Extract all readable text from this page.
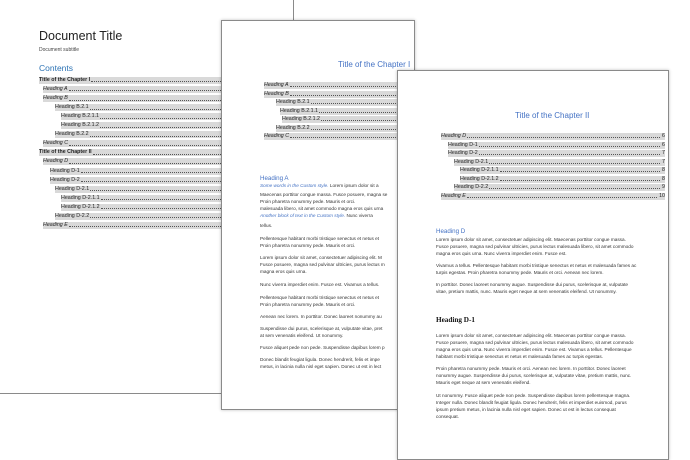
Document Title
Document subtitle
Contents
Title of the Chapter I
Heading A
Heading B
Heading B.2.1
Heading B.2.1.1
Heading B.2.1.2
Heading B.2.2
Heading C
Title of the Chapter II
Heading D
Heading D-1
Heading D-2
Heading D-2.1
Heading D-2.1.1
Heading D-2.1.2
Heading D-2.2
Heading E
Title of the Chapter I
Heading A
Heading B
Heading B.2.1
Heading B.2.1.1
Heading B.2.1.2
Heading B.2.2
Heading C
Heading A
Some words in the Custom style. Lorem ipsum dolor sit a
Maecenas porttitor congue massa. Fusce posuere, magna se
Proin pharetra nonummy pede. Mauris et orci.
malesuada libero, sit amet commodo magna eros quis urna
Another block of text in the Custom style. Nunc viverra
tellus.
Pellentesque habitant morbi tristique senectus et netus et
Proin pharetra nonummy pede. Mauris et orci.
Lorem ipsum dolor sit amet, consectetuer adipiscing elit. M
Fusce posuere, magna sed pulvinar ultricies, purus lectus m
magna eros quis urna.
Nunc viverra imperdiet enim. Fusce est. Vivamus a tellus.
Pellentesque habitant morbi tristique senectus et netus et
Proin pharetra nonummy pede. Mauris et orci.
Aenean nec lorem. In porttitor. Donec laoreet nonummy au
Suspendisse dui purus, scelerisque at, vulputate vitae, pret
at sem venenatis eleifend. Ut nonummy.
Fusce aliquet pede non pede. Suspendisse dapibus lorem p
Donec blandit feugiat ligula. Donec hendrerit, felis et impe
metus, in lacinia nulla nisl eget sapien. Donec ut est in lect
Title of the Chapter II
Heading D	6
Heading D-1	6
Heading D-2	7
Heading D-2.1	7
Heading D-2.1.1	8
Heading D-2.1.2	8
Heading D-2.2	9
Heading E	10
Heading D
Lorem ipsum dolor sit amet, consectetuer adipiscing elit. Maecenas porttitor congue massa.
Fusce posuere, magna sed pulvinar ultricies, purus lectus malesuada libero, sit amet commodo
magna eros quis urna. Nunc viverra imperdiet enim. Fusce est.
Vivamus a tellus. Pellentesque habitant morbi tristique senectus et netus et malesuada fames ac
turpis egestas. Proin pharetra nonummy pede. Mauris et orci. Aenean nec lorem.
In porttitor. Donec laoreet nonummy augue. Suspendisse dui purus, scelerisque at, vulputate
vitae, pretium mattis, nunc. Mauris eget neque at sem venenatis eleifend. Ut nonummy.
Heading D-1
Lorem ipsum dolor sit amet, consectetuer adipiscing elit. Maecenas porttitor congue massa.
Fusce posuere, magna sed pulvinar ultricies, purus lectus malesuada libero, sit amet commodo
magna eros quis urna. Nunc viverra imperdiet enim. Fusce est. Vivamus a tellus. Pellentesque
habitant morbi tristique senectus et netus et malesuada fames ac turpis egestas.
Proin pharetra nonummy pede. Mauris et orci. Aenean nec lorem. In porttitor. Donec laoreet
nonummy augue. Suspendisse dui purus, scelerisque at, vulputate vitae, pretium mattis, nunc.
Mauris eget neque at sem venenatis eleifend.
Ut nonummy. Fusce aliquet pede non pede. Suspendisse dapibus lorem pellentesque magna.
Integer nulla. Donec blandit feugiat ligula. Donec hendrerit, felis et imperdiet euismod, purus
ipsum pretium metus, in lacinia nulla nisl eget sapien. Donec ut est in lectus consequat
consequat.
